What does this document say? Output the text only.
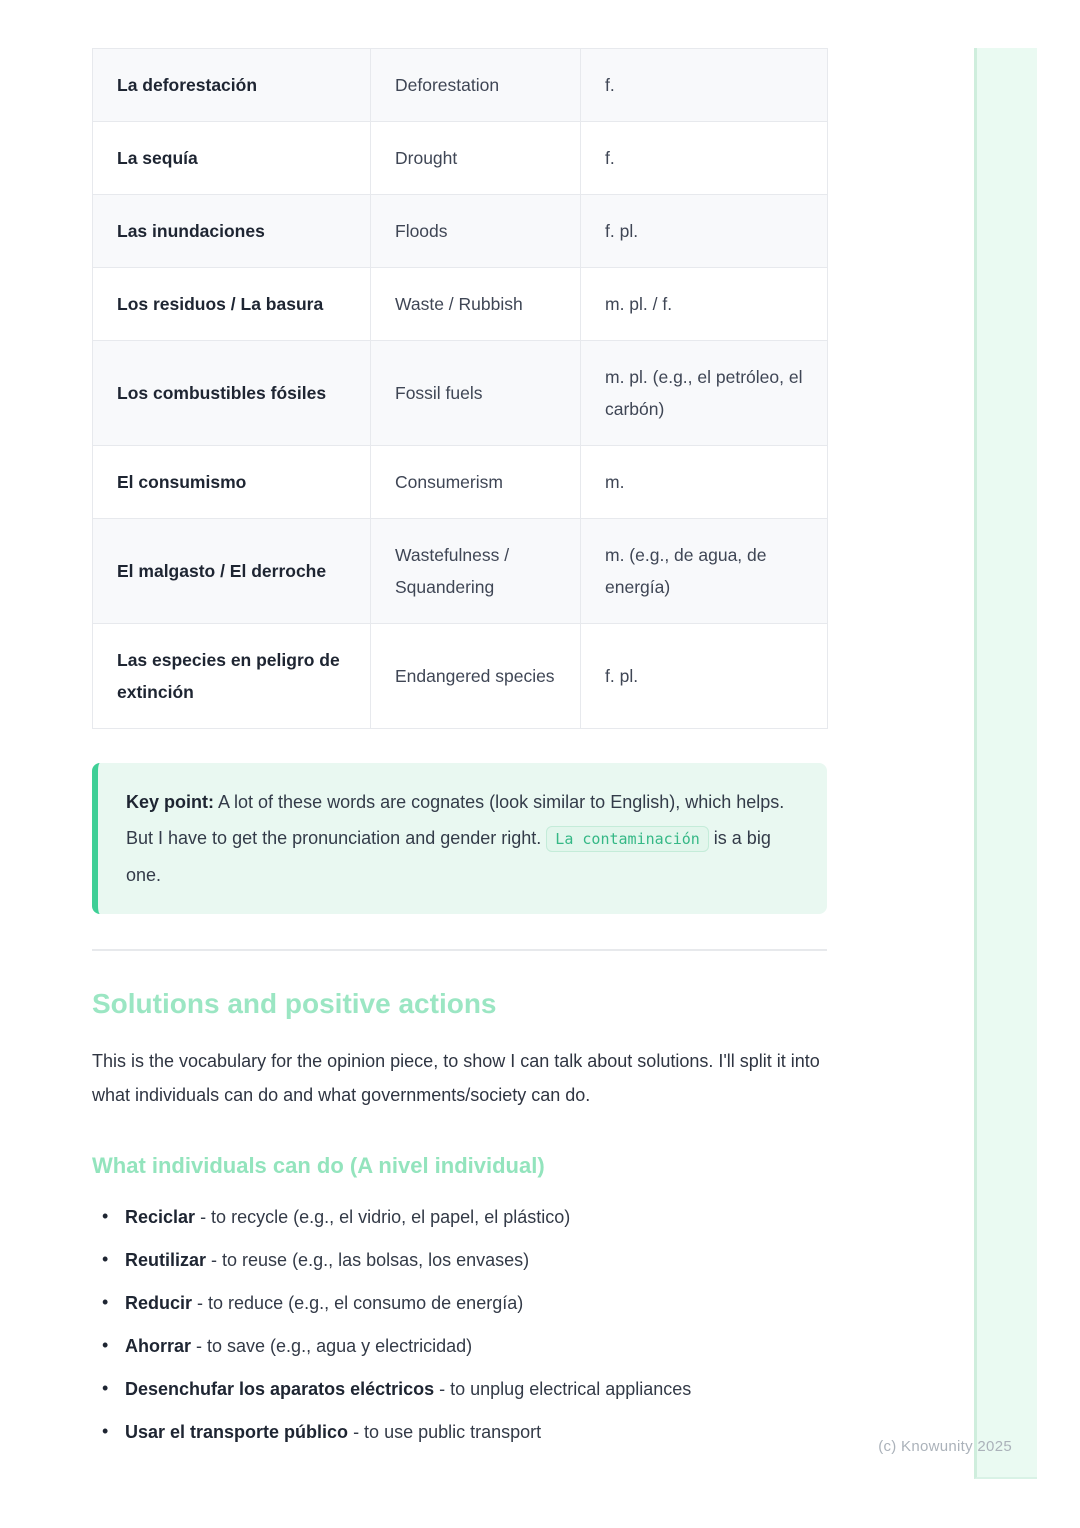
La deforestación	Deforestation	f.
La sequía	Drought	f.
Las inundaciones	Floods	f. pl.
Los residuos / La basura	Waste / Rubbish	m. pl. / f.
Los combustibles fósiles	Fossil fuels	m. pl. (e.g., el petróleo, el carbón)
El consumismo	Consumerism	m.
El malgasto / El derroche	Wastefulness / Squandering	m. (e.g., de agua, de energía)
Las especies en peligro de extinción	Endangered species	f. pl.
Key point: A lot of these words are cognates (look similar to English), which helps. But I have to get the pronunciation and gender right. La contaminación is a big one.
Solutions and positive actions

This is the vocabulary for the opinion piece, to show I can talk about solutions. I'll split it into what individuals can do and what governments/society can do.

What individuals can do (A nivel individual)
• Reciclar - to recycle (e.g., el vidrio, el papel, el plástico)
• Reutilizar - to reuse (e.g., las bolsas, los envases)
• Reducir - to reduce (e.g., el consumo de energía)
• Ahorrar - to save (e.g., agua y electricidad)
• Desenchufar los aparatos eléctricos - to unplug electrical appliances
• Usar el transporte público - to use public transport
(c) Knowunity 2025
